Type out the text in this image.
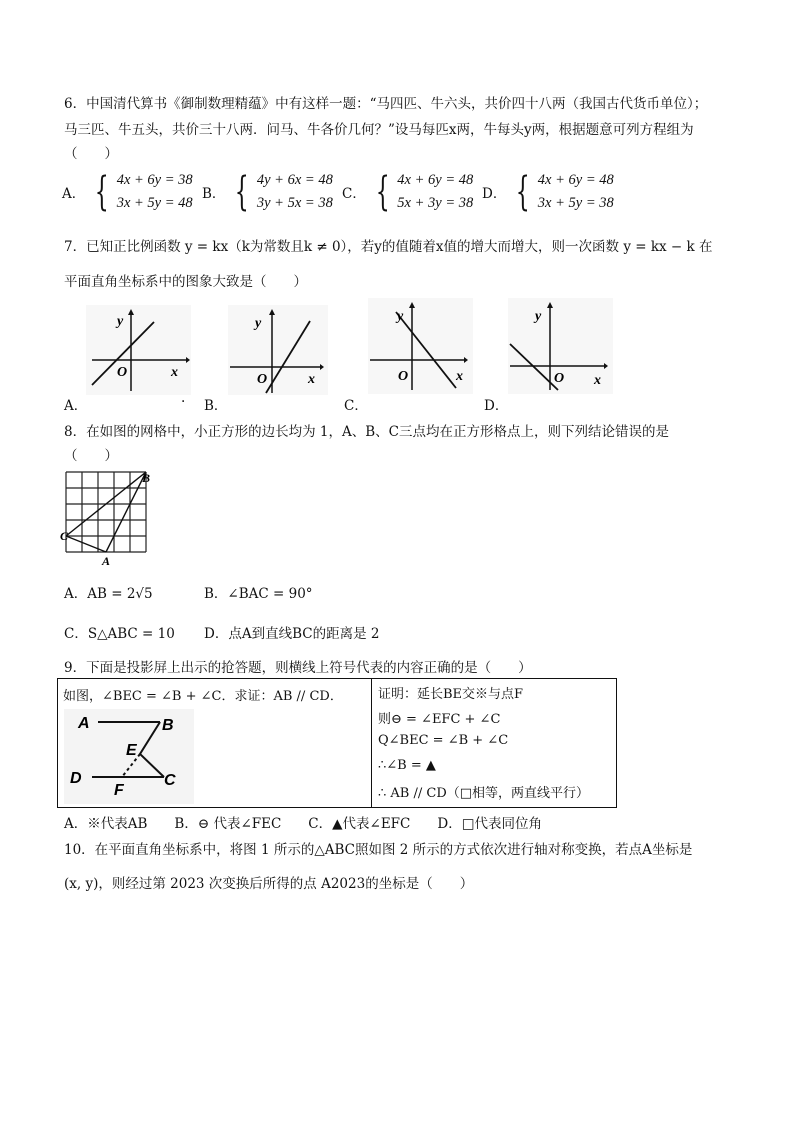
6．中国清代算书《御制数理精蕴》中有这样一题：“马四匹、牛六头，共价四十八两（我国古代货币单位）；
马三匹、牛五头，共价三十八两．问马、牛各价几何？”设马每匹x两，牛每头y两，根据题意可列方程组为
（　　）
A． { 4x + 6y = 38
3x + 5y = 48
B． { 4y + 6x = 48
3y + 5x = 38
C． { 4x + 6y = 48
5x + 3y = 38
D． { 4x + 6y = 48
3x + 5y = 38
7．已知正比例函数 y = kx（k为常数且k ≠ 0），若y的值随着x值的增大而增大，则一次函数 y = kx − k 在
平面直角坐标系中的图象大致是（　　）
y
x
O
y
x
O
y
x
O
y
x
O
A．	. B．	C．	D．
8．在如图的网格中，小正方形的边长均为 1，A、B、C三点均在正方形格点上，则下列结论错误的是
（　　）
B
C
A
A．AB = 2√5	B．∠BAC = 90°
C．S△ABC = 10 D．点A到直线BC的距离是 2
9．下面是投影屏上出示的抢答题，则横线上符号代表的内容正确的是（　　）
如图，∠BEC = ∠B + ∠C．求证：AB // CD．
A	B
E
D
F
C
证明：延长BE交※与点F
则⊖ = ∠EFC + ∠C
Q∠BEC = ∠B + ∠C
∴∠B = ▲
∴ AB // CD（□相等，两直线平行）
A．※代表AB　　B．⊖ 代表∠FEC　　C．▲代表∠EFC　　D．□代表同位角
10．在平面直角坐标系中，将图 1 所示的△ABC照如图 2 所示的方式依次进行轴对称变换，若点A坐标是
(x, y)，则经过第 2023 次变换后所得的点 A2023的坐标是（　　）
